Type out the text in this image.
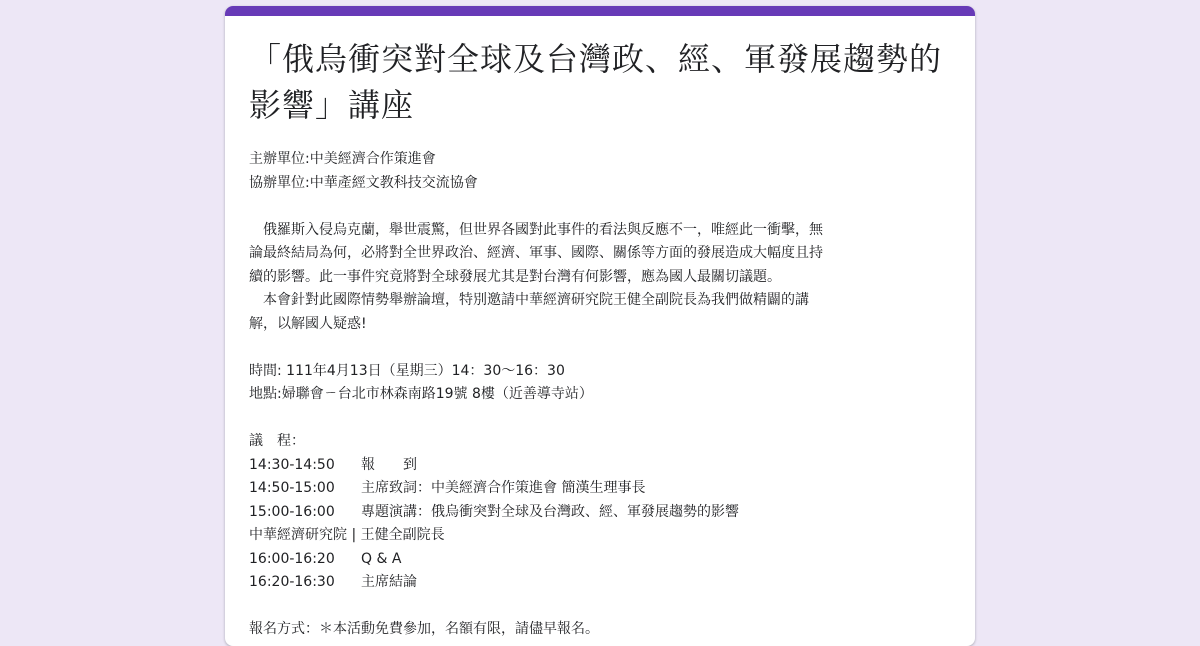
「俄烏衝突對全球及台灣政、經、軍發展趨勢的影響」講座
主辦單位:中美經濟合作策進會
協辦單位:中華產經文教科技交流協會
俄羅斯入侵烏克蘭，舉世震驚，但世界各國對此事件的看法與反應不一，唯經此一衝擊，無
論最終結局為何，必將對全世界政治、經濟、軍事、國際、關係等方面的發展造成大幅度且持
續的影響。此一事件究竟將對全球發展尤其是對台灣有何影響，應為國人最關切議題。
本會針對此國際情勢舉辦論壇，特別邀請中華經濟研究院王健全副院長為我們做精闢的講
解，以解國人疑惑!
時間: 111年4月13日（星期三）14：30～16：30
地點:婦聯會ㄧ台北市林森南路19號 8樓（近善導寺站）
議　程：
14:30-14:50	報　　到
14:50-15:00	主席致詞：中美經濟合作策進會 簡漢生理事長
15:00-16:00	專題演講：俄烏衝突對全球及台灣政、經、軍發展趨勢的影響
中華經濟研究院 | 王健全副院長
16:00-16:20	Q & A
16:20-16:30	主席結論
報名方式：＊本活動免費參加，名額有限，請儘早報名。
